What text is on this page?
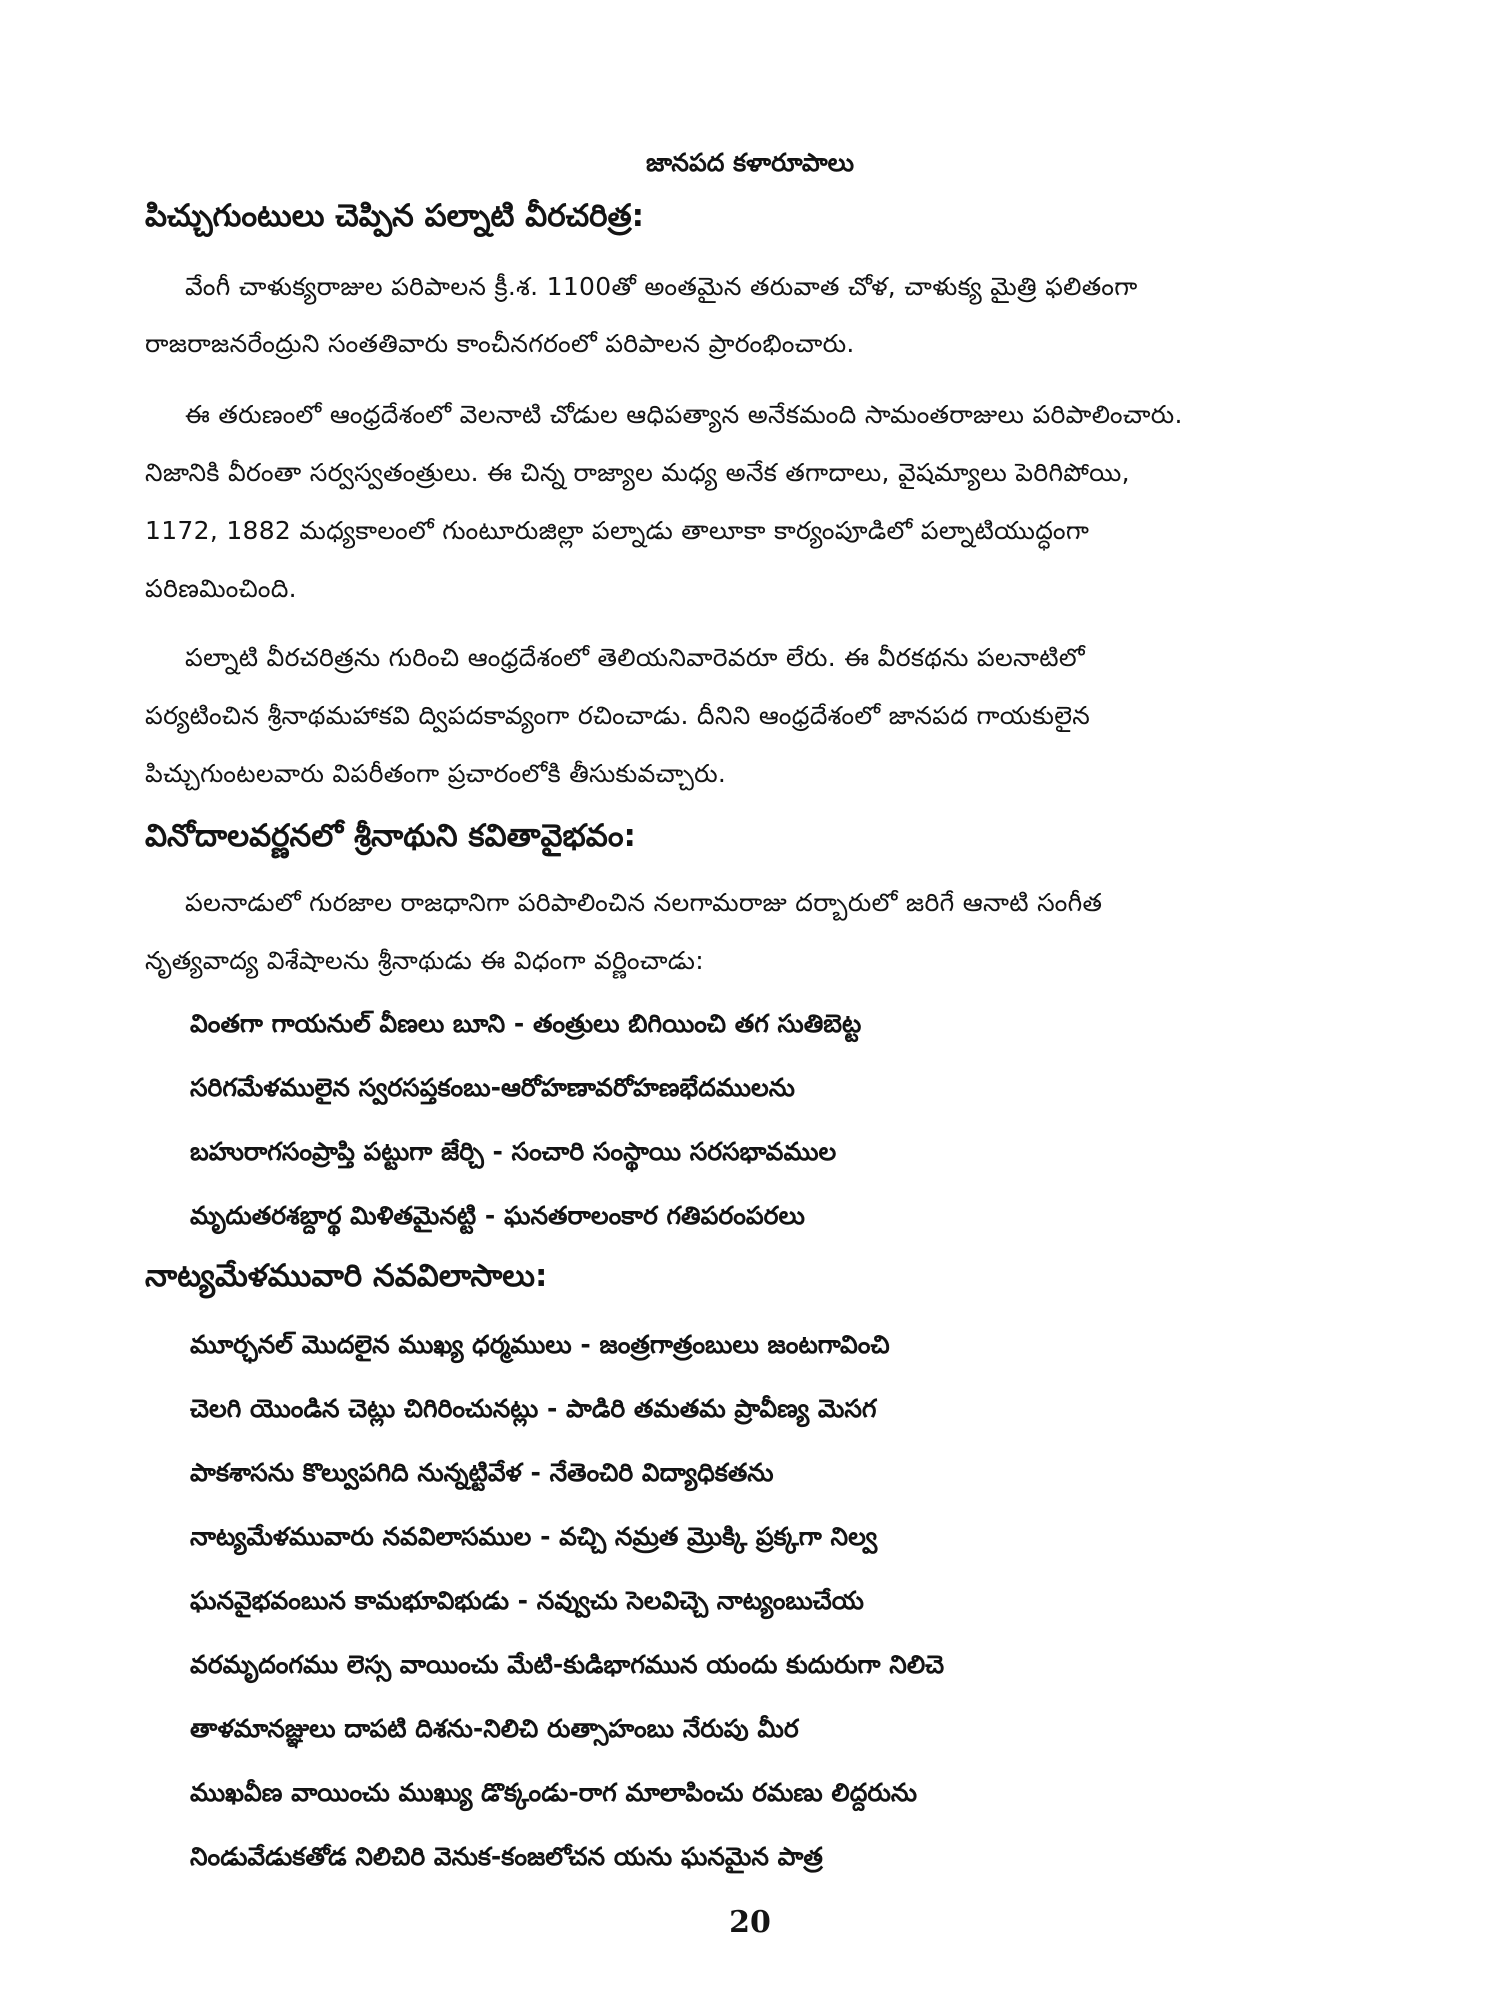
జానపద కళారూపాలు
పిచ్చుగుంటులు చెప్పిన పల్నాటి వీరచరిత్ర:
వేంగీ చాళుక్యరాజుల పరిపాలన క్రీ.శ. 1100తో అంతమైన తరువాత చోళ, చాళుక్య మైత్రి ఫలితంగా
రాజరాజనరేంద్రుని సంతతివారు కాంచీనగరంలో పరిపాలన ప్రారంభించారు.
ఈ తరుణంలో ఆంధ్రదేశంలో వెలనాటి చోడుల ఆధిపత్యాన అనేకమంది సామంతరాజులు పరిపాలించారు.
నిజానికి వీరంతా సర్వస్వతంత్రులు. ఈ చిన్న రాజ్యాల మధ్య అనేక తగాదాలు, వైషమ్యాలు పెరిగిపోయి,
1172, 1882 మధ్యకాలంలో గుంటూరుజిల్లా పల్నాడు తాలూకా కార్యంపూడిలో పల్నాటియుద్ధంగా
పరిణమించింది.
పల్నాటి వీరచరిత్రను గురించి ఆంధ్రదేశంలో తెలియనివారెవరూ లేరు. ఈ వీరకథను పలనాటిలో
పర్యటించిన శ్రీనాథమహాకవి ద్విపదకావ్యంగా రచించాడు. దీనిని ఆంధ్రదేశంలో జానపద గాయకులైన
పిచ్చుగుంటలవారు విపరీతంగా ప్రచారంలోకి తీసుకువచ్చారు.
వినోదాలవర్ణనలో శ్రీనాథుని కవితావైభవం:
పలనాడులో గురజాల రాజధానిగా పరిపాలించిన నలగామరాజు దర్బారులో జరిగే ఆనాటి సంగీత
నృత్యవాద్య విశేషాలను శ్రీనాథుడు ఈ విధంగా వర్ణించాడు:
వింతగా గాయనుల్ వీణలు బూని - తంత్రులు బిగియించి తగ సుతిబెట్ట
సరిగమేళములైన స్వరసప్తకంబు-ఆరోహణావరోహణభేదములను
బహురాగసంప్రాప్తి పట్టుగా జేర్చి - సంచారి సంస్థాయి సరసభావముల
మృదుతరశబ్దార్థ మిళితమైనట్టి - ఘనతరాలంకార గతిపరంపరలు
నాట్యమేళమువారి నవవిలాసాలు:
మూర్ఛనల్ మొదలైన ముఖ్య ధర్మములు - జంత్రగాత్రంబులు జంటగావించి
చెలగి యొండిన చెట్లు చిగిరించునట్లు - పాడిరి తమతమ ప్రావీణ్య మెసగ
పాకశాసను కొల్వుపగిది నున్నట్టివేళ - నేతెంచిరి విద్యాధికతను
నాట్యమేళమువారు నవవిలాసముల - వచ్చి నమ్రత మ్రొక్కి ప్రక్కగా నిల్వ
ఘనవైభవంబున కామభూవిభుడు - నవ్వుచు సెలవిచ్చె నాట్యంబుచేయ
వరమృదంగము లెస్స వాయించు మేటి-కుడిభాగమున యందు కుదురుగా నిలిచె
తాళమానజ్ఞులు దాపటి దిశను-నిలిచి రుత్సాహంబు నేరుపు మీర
ముఖవీణ వాయించు ముఖ్యు డొక్కండు-రాగ మాలాపించు రమణు లిద్దరును
నిండువేడుకతోడ నిలిచిరి వెనుక-కంజలోచన యను ఘనమైన పాత్ర
20
